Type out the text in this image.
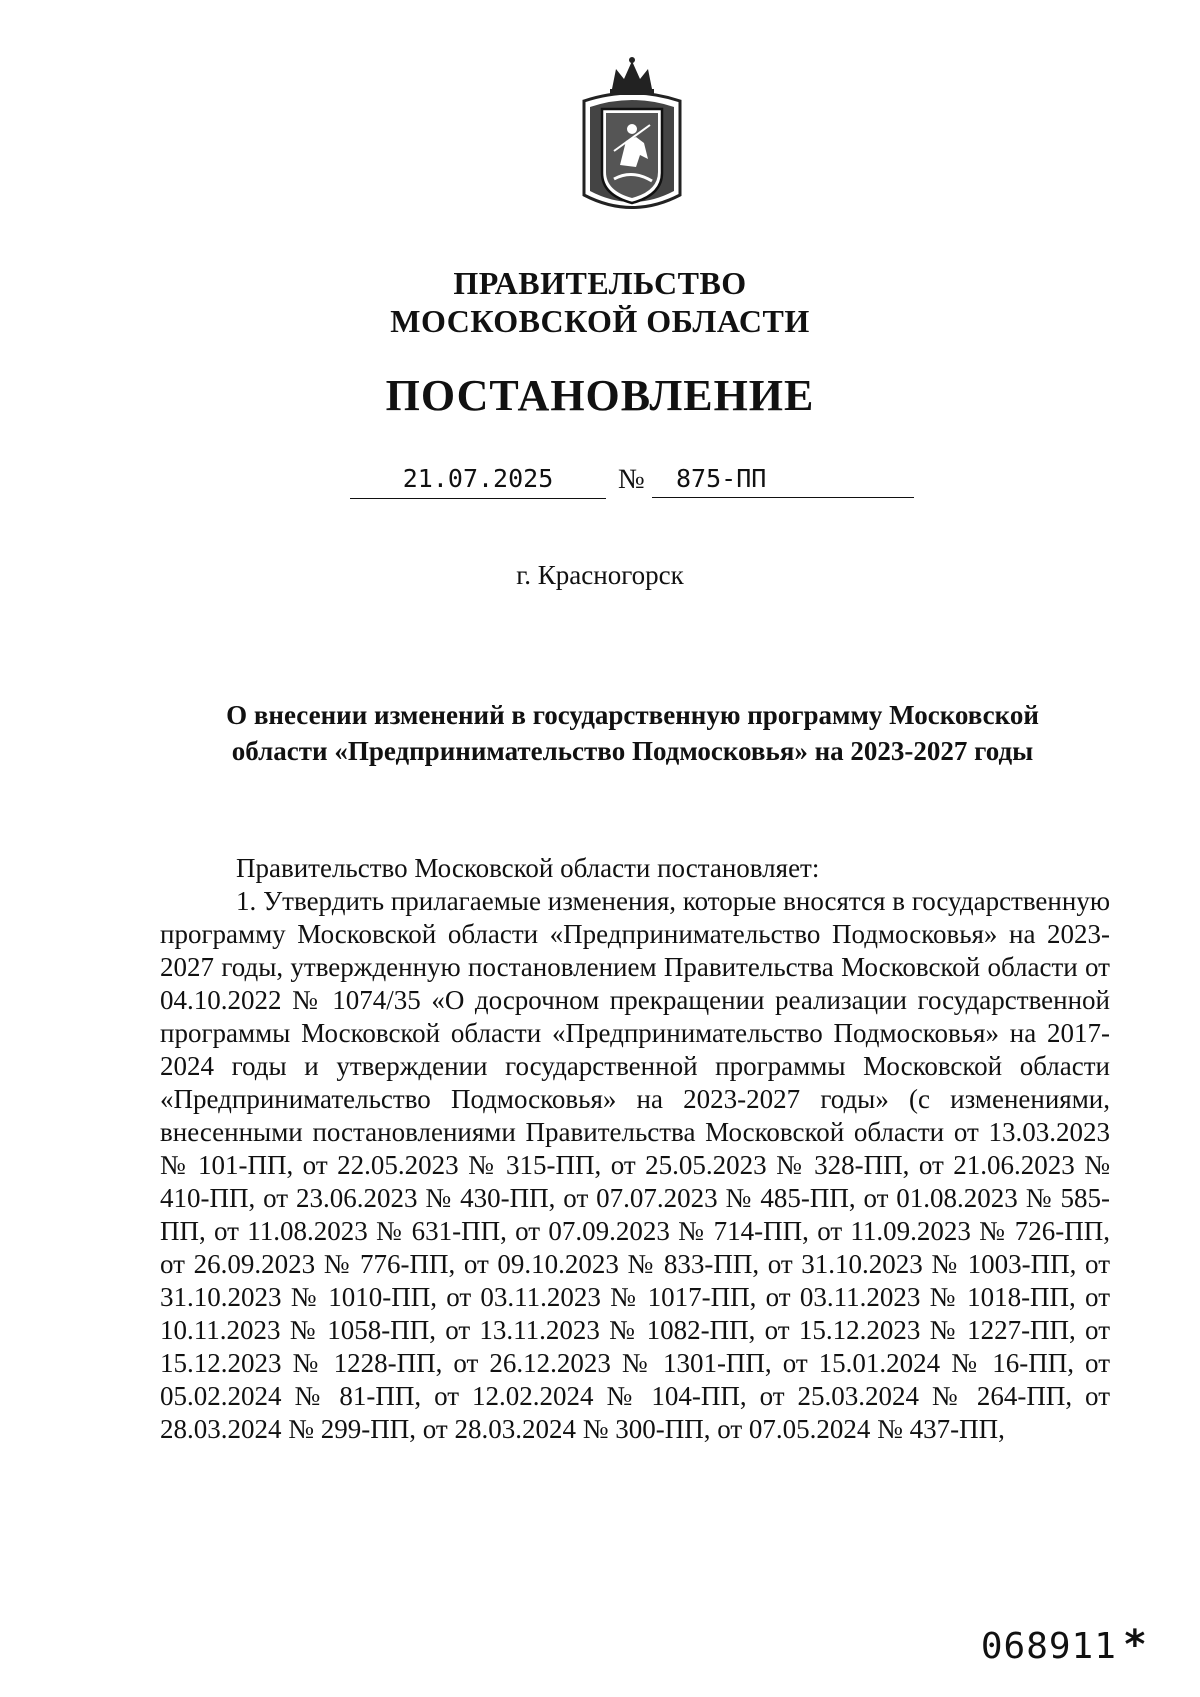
ПРАВИТЕЛЬСТВО
МОСКОВСКОЙ ОБЛАСТИ
ПОСТАНОВЛЕНИЕ
21.07.2025	№	875-ПП
г. Красногорск
О внесении изменений в государственную программу Московской области «Предпринимательство Подмосковья» на 2023-2027 годы

Правительство Московской области постановляет:

1. Утвердить прилагаемые изменения, которые вносятся в государственную программу Московской области «Предпринимательство Подмосковья» на 2023-2027 годы, утвержденную постановлением Правительства Московской области от 04.10.2022 № 1074/35 «О досрочном прекращении реализации государственной программы Московской области «Предпринимательство Подмосковья» на 2017-2024 годы и утверждении государственной программы Московской области «Предпринимательство Подмосковья» на 2023-2027 годы» (с изменениями, внесенными постановлениями Правительства Московской области от 13.03.2023 № 101-ПП, от 22.05.2023 № 315-ПП, от 25.05.2023 № 328-ПП, от 21.06.2023 № 410-ПП, от 23.06.2023 № 430-ПП, от 07.07.2023 № 485-ПП, от 01.08.2023 № 585-ПП, от 11.08.2023 № 631-ПП, от 07.09.2023 № 714-ПП, от 11.09.2023 № 726-ПП, от 26.09.2023 № 776-ПП, от 09.10.2023 № 833-ПП, от 31.10.2023 № 1003-ПП, от 31.10.2023 № 1010-ПП, от 03.11.2023 № 1017-ПП, от 03.11.2023 № 1018-ПП, от 10.11.2023 № 1058-ПП, от 13.11.2023 № 1082-ПП, от 15.12.2023 № 1227-ПП, от 15.12.2023 № 1228-ПП, от 26.12.2023 № 1301-ПП, от 15.01.2024 № 16-ПП, от 05.02.2024 № 81-ПП, от 12.02.2024 № 104-ПП, от 25.03.2024 № 264-ПП, от 28.03.2024 № 299-ПП, от 28.03.2024 № 300-ПП, от 07.05.2024 № 437-ПП,

068911 *
